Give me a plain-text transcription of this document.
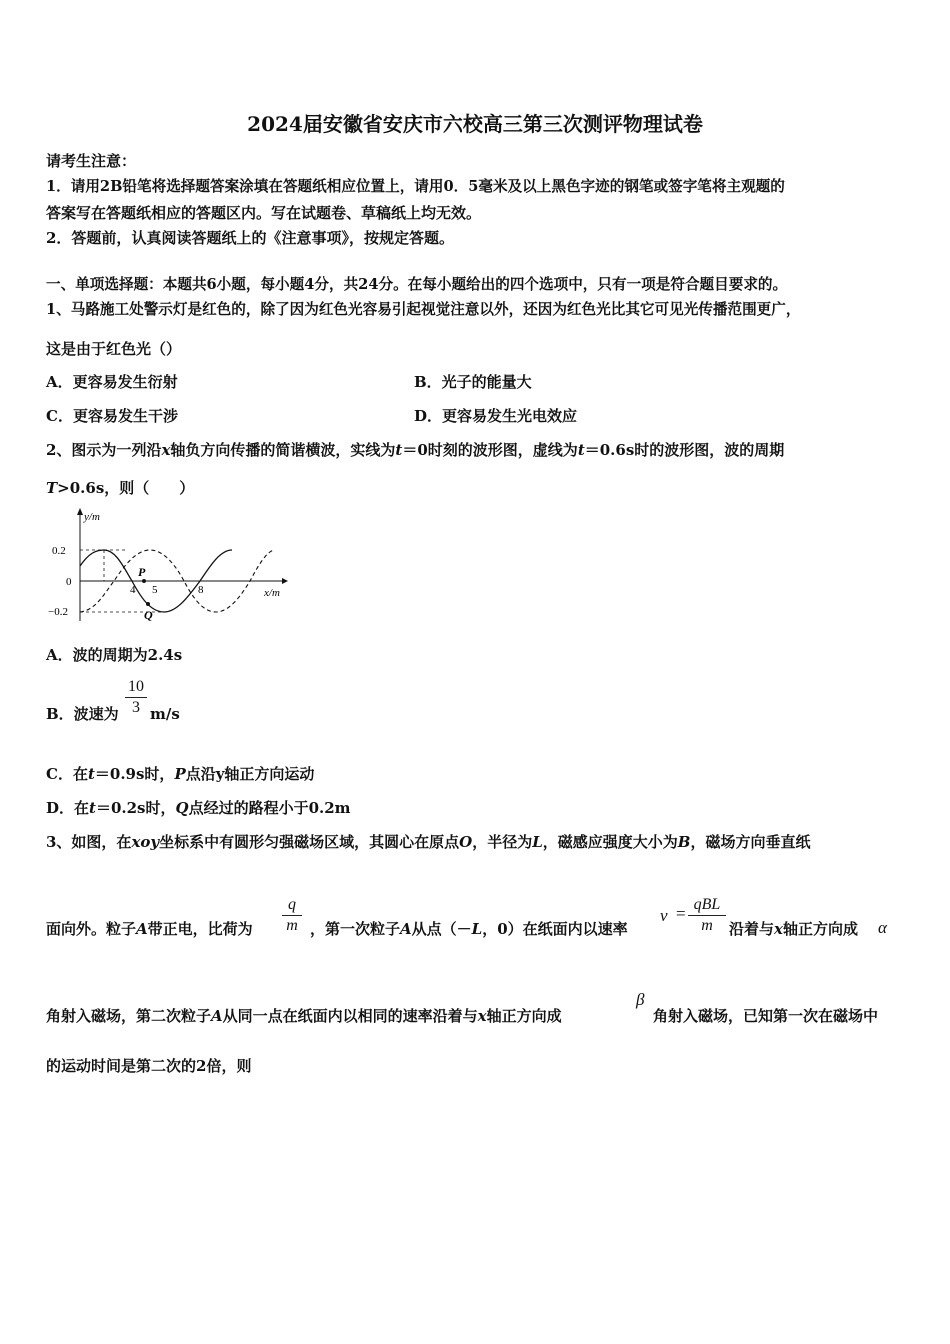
2024届安徽省安庆市六校高三第三次测评物理试卷
请考生注意：
1．请用2B铅笔将选择题答案涂填在答题纸相应位置上，请用0．5毫米及以上黑色字迹的钢笔或签字笔将主观题的
答案写在答题纸相应的答题区内。写在试题卷、草稿纸上均无效。
2．答题前，认真阅读答题纸上的《注意事项》，按规定答题。
一、单项选择题：本题共6小题，每小题4分，共24分。在每小题给出的四个选项中，只有一项是符合题目要求的。
1、马路施工处警示灯是红色的，除了因为红色光容易引起视觉注意以外，还因为红色光比其它可见光传播范围更广，
这是由于红色光（）
A．更容易发生衍射	B．光子的能量大
C．更容易发生干涉	D．更容易发生光电效应
2、图示为一列沿x轴负方向传播的简谐横波，实线为t＝0时刻的波形图，虚线为t＝0.6s时的波形图，波的周期
T>0.6s，则（　　）
y/m
x/m
0.2
0
−0.2
4 5	8
P
Q
A．波的周期为2.4s
B．波速为
10
3 m/s
C．在t＝0.9s时，P点沿y轴正方向运动
D．在t＝0.2s时，Q点经过的路程小于0.2m
3、如图，在xoy坐标系中有圆形匀强磁场区域，其圆心在原点O，半径为L，磁感应强度大小为B，磁场方向垂直纸
面向外。粒子A带正电，比荷为
q
m ，第一次粒子A从点（－L，0）在纸面内以速率
v = qBL
m	沿着与x轴正方向成 α
角射入磁场，第二次粒子A从同一点在纸面内以相同的速率沿着与x轴正方向成
β
角射入磁场，已知第一次在磁场中
的运动时间是第二次的2倍，则
